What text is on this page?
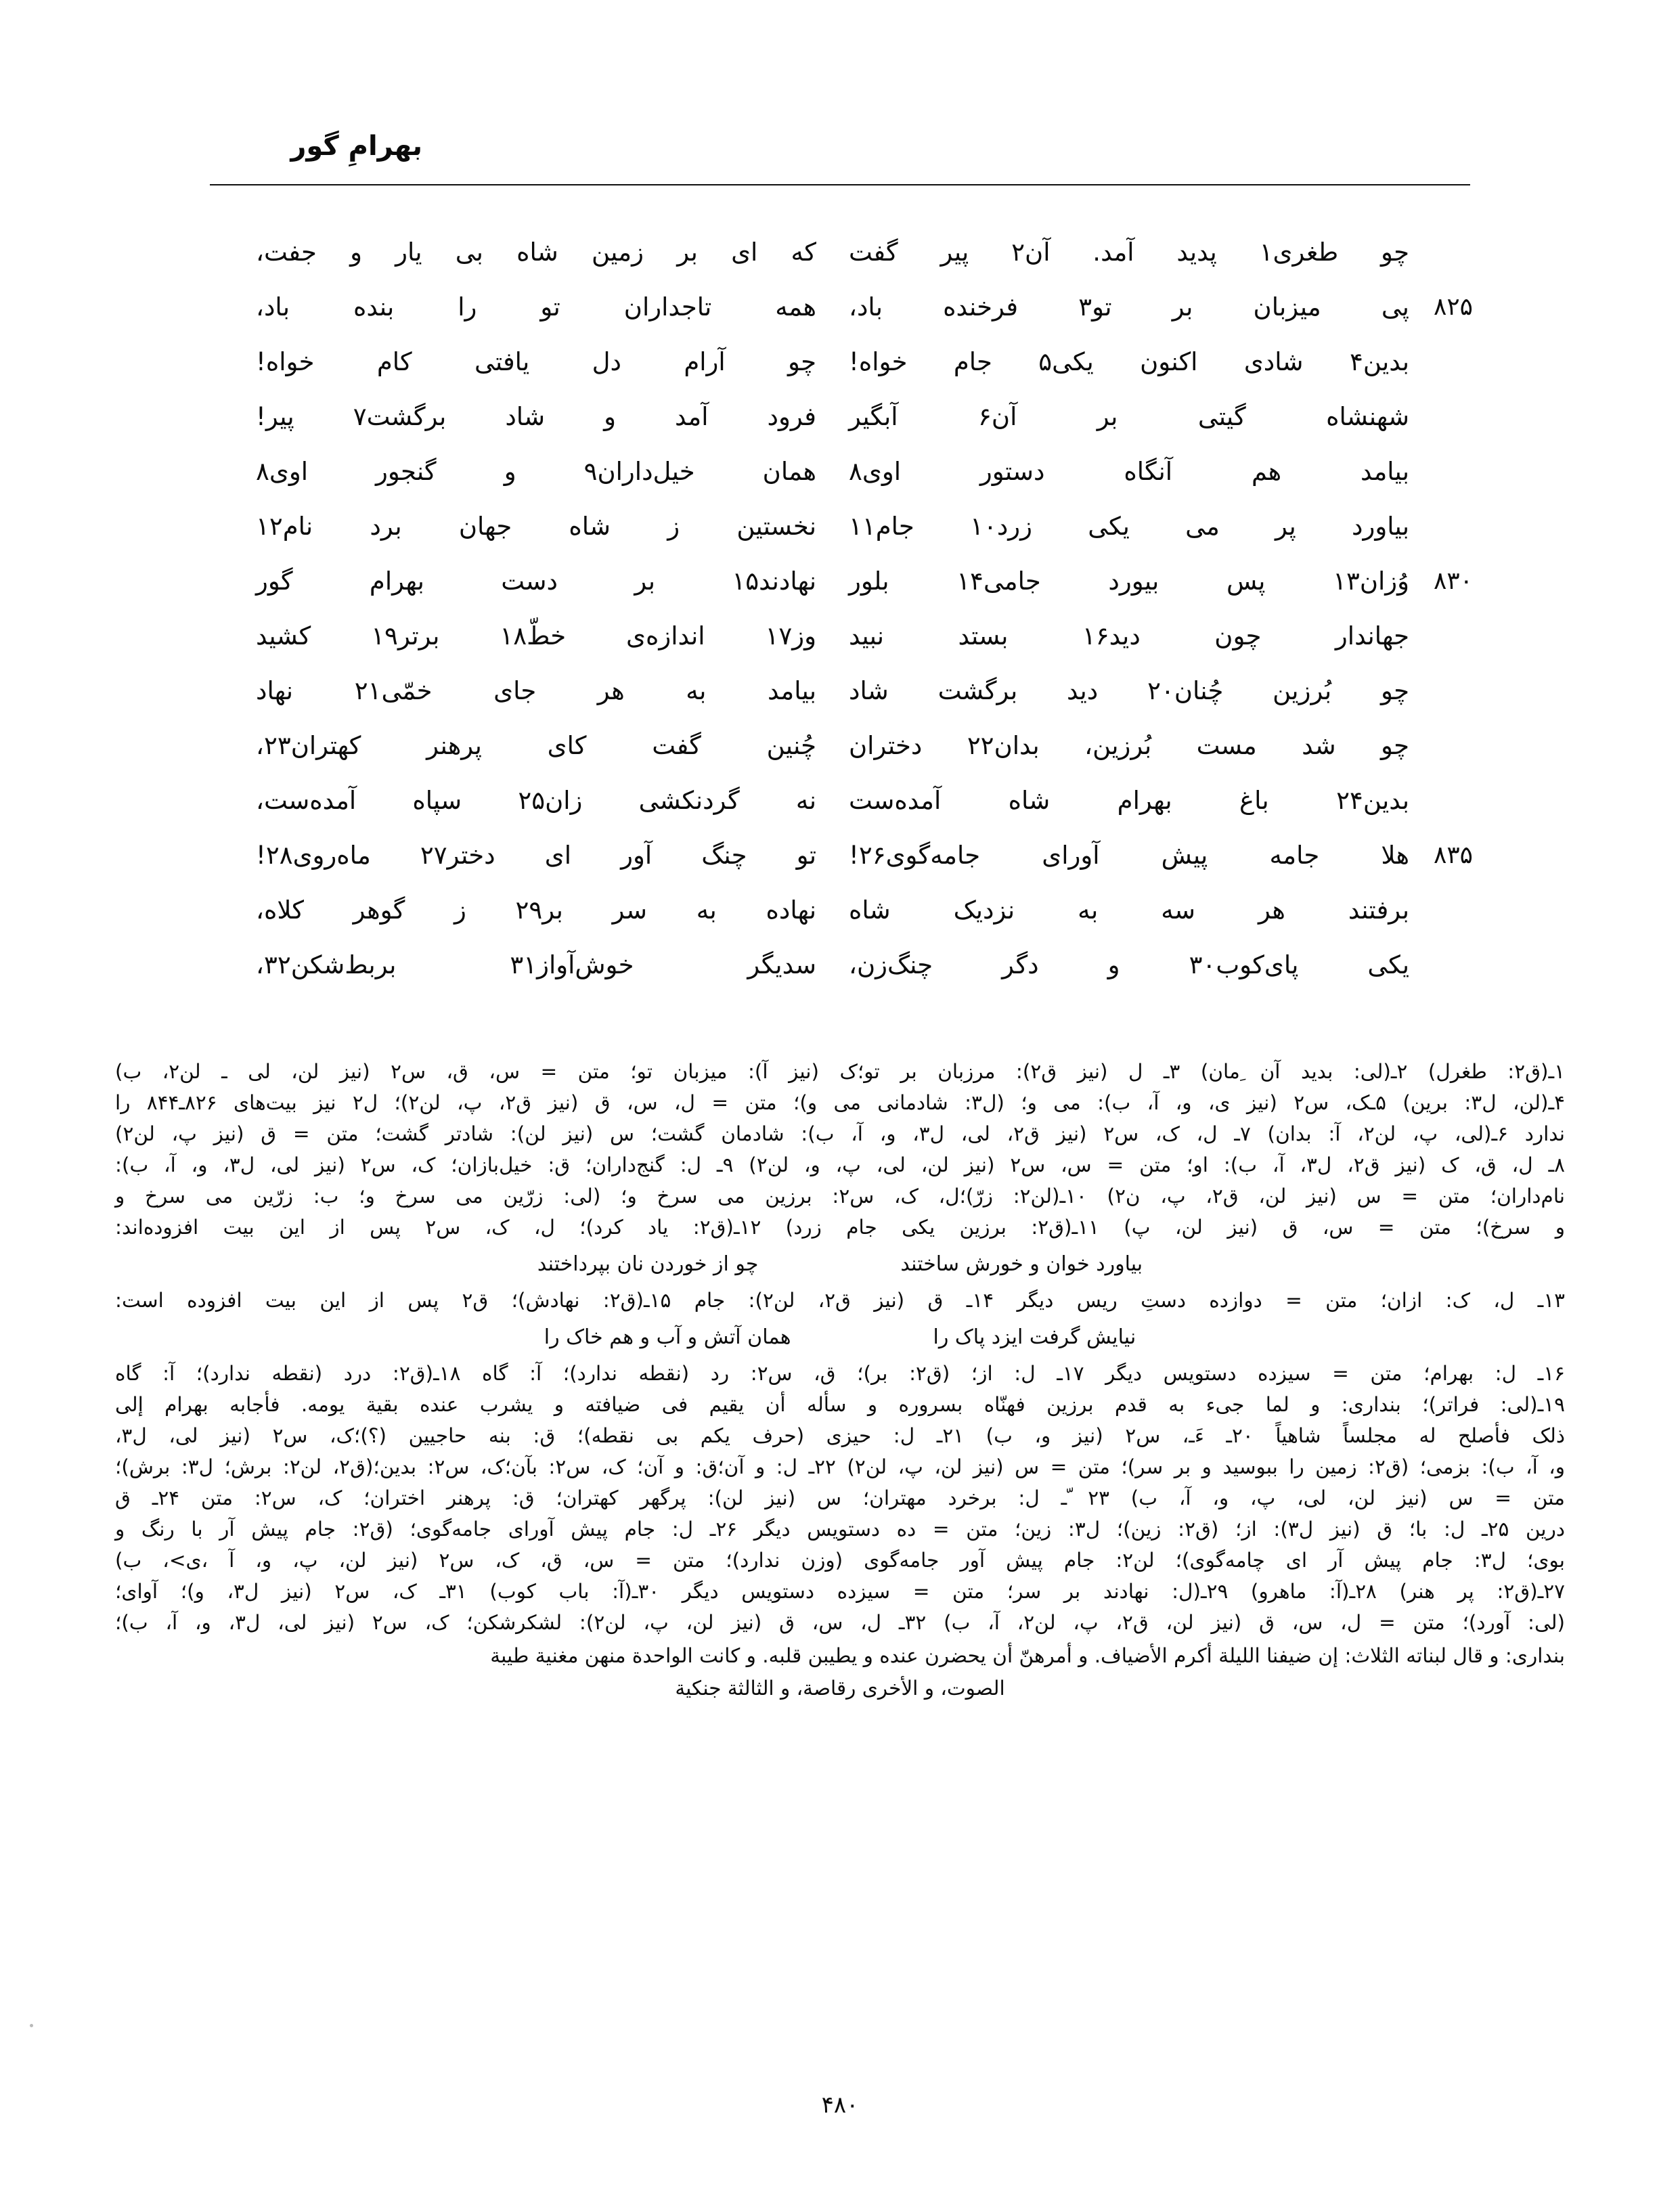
بهرامِ گور
چو طغری۱ پدید آمد. آن۲ پیر گفت
که ای بر زمین شاه بی یار و جفت،
۸۲۵
پی میزبان بر تو۳ فرخنده باد،
همه تاجداران تو را بنده باد،
بدین۴ شادی اکنون یکی۵ جام خواه!
چو آرام دل یافتی کام خواه!
شهنشاه گیتی بر آن۶ آبگیر
فرود آمد و شاد برگشت۷ پیر!
بیامد هم آنگاه دستور اوی۸
همان خیل‌داران۹ و گنجور اوی۸
بیاورد پر می یکی زرد۱۰ جام۱۱
نخستین ز شاه جهان برد نام۱۲
۸۳۰
وُزان۱۳ پس بیورد جامی۱۴ بلور
نهادند۱۵ بر دست بهرام گور
جهاندار چون دید۱۶ بستد نبید
وز۱۷ اندازه‌ی خطّ۱۸ برتر۱۹ کشید
چو بُرزین چُنان۲۰ دید برگشت شاد
بیامد به هر جای خمّی۲۱ نهاد
چو شد مست بُرزین، بدان۲۲ دختران
چُنین گفت کای پرهنر کهتران۲۳،
بدین۲۴ باغ بهرام شاه آمده‌ست
نه گردنکشی زان۲۵ سپاه آمده‌ست،
۸۳۵
هلا جامه پیش آورای جامه‌گوی۲۶!
تو چنگ آور ای دختر۲۷ ماه‌روی۲۸!
برفتند هر سه به نزدیک شاه
نهاده به سر بر۲۹ ز گوهر کلاه،
یکی پای‌کوب۳۰ و دگر چنگ‌زن،
سدیگر خوش‌آواز۳۱ بربط‌شکن۳۲،
۱ـ(ق۲: طغرل) ۲ـ(لی: بدید آن ِمان) ۳ـ ل (نیز ق۲): مرزبان بر تو؛ک (نیز آ): میزبان تو؛ متن = س، ق، س۲ (نیز لن، لی ـ لن۲، ب)
۴ـ(لن، ل۳: برین) ۵ـک، س۲ (نیز ی، و، آ، ب): می و؛ (ل۳: شادمانی می و)؛ متن = ل، س، ق (نیز ق۲، پ، لن۲)؛ ل۲ نیز بیت‌های ۸۲۶ـ۸۴۴ را
ندارد ۶ـ(لی، پ، لن۲، آ: بدان) ۷ـ ل، ک، س۲ (نیز ق۲، لی، ل۳، و، آ، ب): شادمان گشت؛ س (نیز لن): شادتر گشت؛ متن = ق (نیز پ، لن۲)
۸ـ ل، ق، ک (نیز ق۲، ل۳، آ، ب): او؛ متن = س، س۲ (نیز لن، لی، پ، و، لن۲) ۹ـ ل: گنج‌داران؛ ق: خیل‌بازان؛ ک، س۲ (نیز لی، ل۳، و، آ، ب):
نام‌داران؛ متن = س (نیز لن، ق۲، پ، ن۲) ۱۰ـ(لن۲: زرّ)؛ل، ک، س۲: برزین می سرخ و؛ (لی: زرّین می سرخ و؛ ب: زرّین می سرخ و
و سرخ)؛ متن = س، ق (نیز لن، پ) ۱۱ـ(ق۲: برزین یکی جام زرد) ۱۲ـ(ق۲: یاد کرد)؛ ل، ک، س۲ پس از این بیت افزوده‌اند:
بیاورد خوان و خورش ساختند
چو از خوردن نان بپرداختند
۱۳ـ ل، ک: ازان؛ متن = دوازده دستِ ریس دیگر ۱۴ـ ق (نیز ق۲، لن۲): جام ۱۵ـ(ق۲: نهادش)؛ ق۲ پس از این بیت افزوده است:
نیایش گرفت ایزد پاک را
همان آتش و آب و هم خاک را
۱۶ـ ل: بهرام؛ متن = سیزده دستویس دیگر ۱۷ـ ل: از؛ (ق۲: بر)؛ ق، س۲: رد (نقطه ندارد)؛ آ: گاه ۱۸ـ(ق۲: درد (نقطه ندارد)؛ آ: گاه
۱۹ـ(لی: فراتر)؛ بنداری: و لما جیء به قدم برزین فهنّاه بسروره و سأله أن یقیم فی ضیافته و یشرب عنده بقیة یومه. فأجابه بهرام إلی
ذلک فأصلح له مجلساً شاهیاً ۲۰ـ ءَـ، س۲ (نیز و، ب) ۲۱ـ ل: حیزی (حرف یکم بی نقطه)؛ ق: بنه حاجیین (؟)؛ک، س۲ (نیز لی، ل۳،
و، آ، ب): بزمی؛ (ق۲: زمین را ببوسید و بر سر)؛ متن = س (نیز لن، پ، لن۲) ۲۲ـ ل: و آن؛ق: و آن؛ ک، س۲: بآن؛ک، س۲: بدین؛(ق۲، لن۲: برش؛ ل۳: برش)؛
متن = س (نیز لن، لی، پ، و، آ، ب) ۲۳ ّـ ل: برخرد مهتران؛ س (نیز لن): پرگهر کهتران؛ ق: پرهنر اختران؛ ک، س۲: متن ۲۴ـ ق
درین ۲۵ـ ل: با؛ ق (نیز ل۳): از؛ (ق۲: زین)؛ ل۳: زین؛ متن = ده دستویس دیگر ۲۶ـ ل: جام پیش آورای جامه‌گوی؛ (ق۲: جام پیش آر با رنگ و
بوی؛ ل۳: جام پیش آر ای چامه‌گوی)؛ لن۲: جام پیش آور جامه‌گوی (وزن ندارد)؛ متن = س، ق، ک، س۲ (نیز لن، پ، و، آ ،ی>، ب)
۲۷ـ(ق۲: پر هنر) ۲۸ـ(آ: ماهرو) ۲۹ـ(ل: نهادند بر سر؛ متن = سیزده دستویس دیگر ۳۰ـ(آ: باب کوب) ۳۱ـ ک، س۲ (نیز ل۳، و)؛ آوای؛
(لی: آورد)؛ متن = ل، س، ق (نیز لن، ق۲، پ، لن۲، آ، ب) ۳۲ـ ل، س، ق (نیز لن، پ، لن۲): لشکر‌شکن؛ ک، س۲ (نیز لی، ل۳، و، آ، ب)؛
بنداری: و قال لبناته الثلاث: إن ضیفنا اللیلة أکرم الأضیاف. و أمرهنّ أن یحضرن عنده و یطیبن قلبه. و کانت الواحدة منهن مغنیة طیبة
الصوت، و الأخری رقاصة، و الثالثة جنکیة
۴۸۰
